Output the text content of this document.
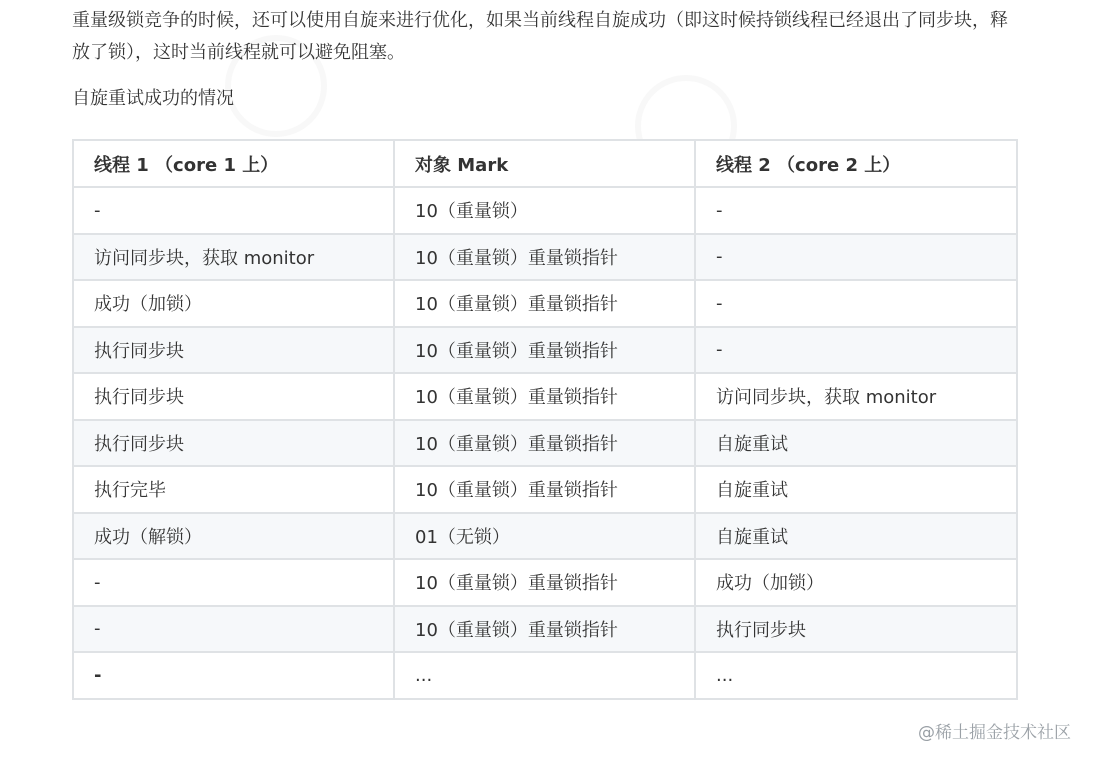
重量级锁竞争的时候，还可以使用自旋来进行优化，如果当前线程自旋成功（即这时候持锁线程已经退出了同步块，释放了锁），这时当前线程就可以避免阻塞。

自旋重试成功的情况

线程 1 （core 1 上）	对象 Mark	线程 2 （core 2 上）
-	10（重量锁）	-
访问同步块，获取 monitor	10（重量锁）重量锁指针	-
成功（加锁）	10（重量锁）重量锁指针	-
执行同步块	10（重量锁）重量锁指针	-
执行同步块	10（重量锁）重量锁指针	访问同步块，获取 monitor
执行同步块	10（重量锁）重量锁指针	自旋重试
执行完毕	10（重量锁）重量锁指针	自旋重试
成功（解锁）	01（无锁）	自旋重试
-	10（重量锁）重量锁指针	成功（加锁）
-	10（重量锁）重量锁指针	执行同步块
-	...	...
@稀土掘金技术社区
